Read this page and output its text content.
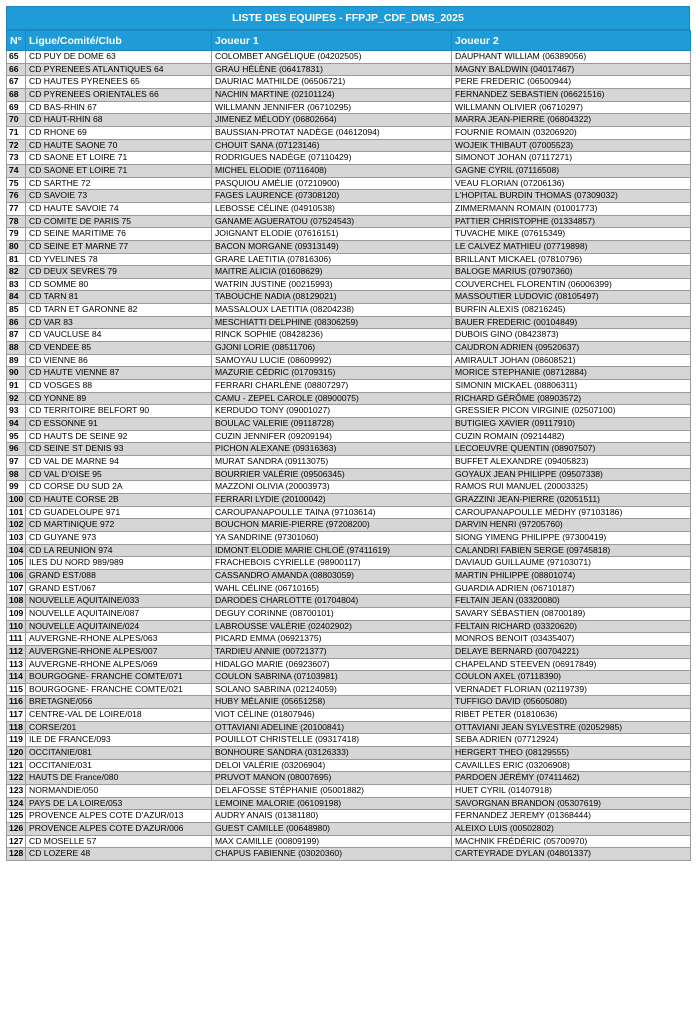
LISTE DES EQUIPES - FFPJP_CDF_DMS_2025
N°	Ligue/Comité/Club	Joueur 1	Joueur 2
65	CD PUY DE DOME 63	COLOMBET ANGÉLIQUE (04202505)	DAUPHANT WILLIAM (06389056)
66	CD PYRENEES ATLANTIQUES 64	GRAU HÉLÈNE (06417831)	MAGNY BALDWIN (04017467)
67	CD HAUTES PYRENEES 65	DAURIAC MATHILDE (06506721)	PERE FREDERIC (06500944)
68	CD PYRENEES ORIENTALES 66	NACHIN MARTINE (02101124)	FERNANDEZ SEBASTIEN (06621516)
69	CD BAS-RHIN 67	WILLMANN JENNIFER (06710295)	WILLMANN OLIVIER (06710297)
70	CD HAUT-RHIN 68	JIMENEZ MÉLODY (06802664)	MARRA JEAN-PIERRE (06804322)
71	CD RHONE 69	BAUSSIAN-PROTAT NADÈGE (04612094)	FOURNIE ROMAIN (03206920)
72	CD HAUTE SAONE 70	CHOUIT SANA (07123146)	WOJEIK THIBAUT (07005523)
73	CD SAONE ET LOIRE 71	RODRIGUES NADÈGE (07110429)	SIMONOT JOHAN (07117271)
74	CD SAONE ET LOIRE 71	MICHEL ELODIE (07116408)	GAGNE CYRIL (07116508)
75	CD SARTHE 72	PASQUIOU AMÉLIE (07210900)	VEAU FLORIAN (07206136)
76	CD SAVOIE 73	FAGES LAURENCE (07308120)	L'HOPITAL BURDIN THOMAS (07309032)
77	CD HAUTE SAVOIE 74	LEBOSSE CÉLINE (04910538)	ZIMMERMANN ROMAIN (01001773)
78	CD COMITE DE PARIS 75	GANAME AGUERATOU (07524543)	PATTIER CHRISTOPHE (01334857)
79	CD SEINE MARITIME 76	JOIGNANT ELODIE (07616151)	TUVACHE MIKE (07615349)
80	CD SEINE ET MARNE 77	BACON MORGANE (09313149)	LE CALVEZ MATHIEU (07719898)
81	CD YVELINES 78	GRARE LAETITIA (07816306)	BRILLANT MICKAEL (07810796)
82	CD DEUX SEVRES 79	MAITRE ALICIA (01608629)	BALOGE MARIUS (07907360)
83	CD SOMME 80	WATRIN JUSTINE (00215993)	COUVERCHEL FLORENTIN (06006399)
84	CD TARN 81	TABOUCHE NADIA (08129021)	MASSOUTIER LUDOVIC (08105497)
85	CD TARN ET GARONNE 82	MASSALOUX LAETITIA (08204238)	BURFIN ALEXIS (08216245)
86	CD VAR 83	MESCHIATTI DELPHINE (08306259)	BAUER FREDERIC (00104849)
87	CD VAUCLUSE 84	RINCK SOPHIE (08428236)	DUBOIS GINO (08423873)
88	CD VENDEE 85	GJONI LORIE (08511706)	CAUDRON ADRIEN (09520637)
89	CD VIENNE 86	SAMOYAU LUCIE (08609992)	AMIRAULT JOHAN (08608521)
90	CD HAUTE VIENNE 87	MAZURIE CÉDRIC (01709315)	MORICE STEPHANIE (08712884)
91	CD VOSGES 88	FERRARI CHARLÈNE (08807297)	SIMONIN MICKAEL (08806311)
92	CD YONNE 89	CAMU - ZEPEL CAROLE (08900075)	RICHARD GÉRÔME (08903572)
93	CD TERRITOIRE BELFORT 90	KERDUDO TONY (09001027)	GRESSIER PICON VIRGINIE (02507100)
94	CD ESSONNE 91	BOULAC VALERIE (09118728)	BUTIGIEG XAVIER (09117910)
95	CD HAUTS DE SEINE 92	CUZIN JENNIFER (09209194)	CUZIN ROMAIN (09214482)
96	CD SEINE ST DENIS 93	PICHON ALEXANE (09316363)	LECOEUVRE QUENTIN (08907507)
97	CD VAL DE MARNE 94	MURAT SANDRA (09113075)	BUFFET ALEXANDRE (09405823)
98	CD VAL D'OISE 95	BOURRIER VALÉRIE (09506345)	GOYAUX JEAN PHILIPPE (09507338)
99	CD CORSE DU SUD 2A	MAZZONI OLIVIA (20003973)	RAMOS RUI MANUEL (20003325)
100	CD HAUTE CORSE 2B	FERRARI LYDIE (20100042)	GRAZZINI JEAN-PIERRE (02051511)
101	CD GUADELOUPE 971	CAROUPANAPOULLE TAINA (97103614)	CAROUPANAPOULLE MÉDHY (97103186)
102	CD MARTINIQUE 972	BOUCHON MARIE-PIERRE (97208200)	DARVIN HENRI (97205760)
103	CD GUYANE 973	YA SANDRINE (97301060)	SIONG YIMENG PHILIPPE (97300419)
104	CD LA REUNION 974	IDMONT ELODIE MARIE CHLOÉ (97411619)	CALANDRI FABIEN SERGE (09745818)
105	ILES DU NORD 989/989	FRACHEBOIS CYRIELLE (98900117)	DAVIAUD GUILLAUME (97103071)
106	GRAND EST/088	CASSANDRO AMANDA (08803059)	MARTIN PHILIPPE (08801074)
107	GRAND EST/067	WAHL CÉLINE (06710165)	GUARDIA ADRIEN (06710187)
108	NOUVELLE AQUITAINE/033	DARODES CHARLOTTE (01704804)	FELTAIN JEAN (03320080)
109	NOUVELLE AQUITAINE/087	DEGUY CORINNE (08700101)	SAVARY SÉBASTIEN (08700189)
110	NOUVELLE AQUITAINE/024	LABROUSSE VALÉRIE (02402902)	FELTAIN RICHARD (03320620)
111	AUVERGNE-RHONE ALPES/063	PICARD EMMA (06921375)	MONROS BENOIT (03435407)
112	AUVERGNE-RHONE ALPES/007	TARDIEU ANNIE (00721377)	DELAYE BERNARD (00704221)
113	AUVERGNE-RHONE ALPES/069	HIDALGO MARIE (06923607)	CHAPELAND STEEVEN (06917849)
114	BOURGOGNE- FRANCHE COMTE/071	COULON SABRINA (07103981)	COULON AXEL (07118390)
115	BOURGOGNE- FRANCHE COMTE/021	SOLANO SABRINA (02124059)	VERNADET FLORIAN (02119739)
116	BRETAGNE/056	HUBY MÉLANIE (05651258)	TUFFIGO DAVID (05605080)
117	CENTRE-VAL DE LOIRE/018	VIOT CÉLINE (01807946)	RIBET PETER (01810636)
118	CORSE/201	OTTAVIANI ADELINE (20100841)	OTTAVIANI JEAN SYLVESTRE (02052985)
119	ILE DE FRANCE/093	POUILLOT CHRISTELLE (09317418)	SEBA ADRIEN (07712924)
120	OCCITANIE/081	BONHOURE SANDRA (03126333)	HERGERT THEO (08129555)
121	OCCITANIE/031	DELOI VALÉRIE (03206904)	CAVAILLES ERIC (03206908)
122	HAUTS DE France/080	PRUVOT MANON (08007695)	PARDOEN JÉRÉMY (07411462)
123	NORMANDIE/050	DELAFOSSE STÉPHANIE (05001882)	HUET CYRIL (01407918)
124	PAYS DE LA LOIRE/053	LEMOINE MALORIE (06109198)	SAVORGNAN BRANDON (05307619)
125	PROVENCE ALPES COTE D'AZUR/013	AUDRY ANAIS (01381180)	FERNANDEZ JEREMY (01368444)
126	PROVENCE ALPES COTE D'AZUR/006	GUEST CAMILLE (00648980)	ALEIXO LUIS (00502802)
127	CD MOSELLE 57	MAX CAMILLE (00809199)	MACHNIK FRÉDÉRIC (05700970)
128	CD LOZERE 48	CHAPUS FABIENNE (03020360)	CARTEYRADE DYLAN (04801337)
